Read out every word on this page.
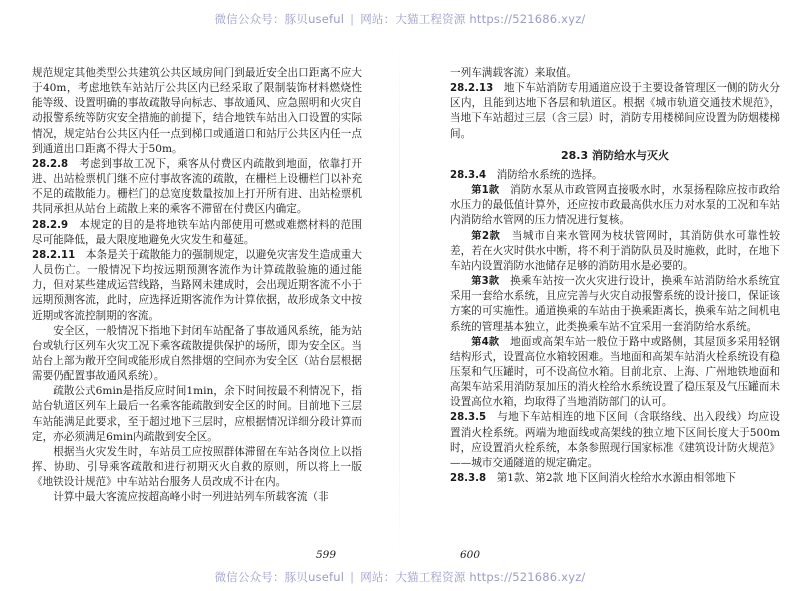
微信公众号：豚贝useful | 网站：大猫工程资源 https://521686.xyz/

规范规定其他类型公共建筑公共区域房间门到最近安全出口距离不应大于40m，考虑地铁车站站厅公共区内已经采取了限制装饰材料燃烧性能等级、设置明确的事故疏散导向标志、事故通风、应急照明和火灾自动报警系统等防灾安全措施的前提下，结合地铁车站出入口设置的实际情况，规定站台公共区内任一点到梯口或通道口和站厅公共区内任一点到通道出口距离不得大于50m。

28.2.8　 考虑到事故工况下，乘客从付费区内疏散到地面，依靠打开进、出站检票机门继不应付事故客流的疏散，在栅栏上设栅栏门以补充不足的疏散能力。栅栏门的总宽度数量按加上打开所有进、出站检票机共同承担从站台上疏散上来的乘客不滞留在付费区内确定。

28.2.9　 本规定的目的是将地铁车站内部使用可燃或难燃材料的范围尽可能降低，最大限度地避免火灾发生和蔓延。

28.2.11　 本条是关于疏散能力的强制规定，以避免灾害发生造成重大人员伤亡。一般情况下均按远期预测客流作为计算疏散验施的通过能力，但对某些建成运营线路，当路网未建成时，会出现近期客流不小于远期预测客流，此时，应选择近期客流作为计算依据，故形成条文中按近期或客流控制期的客流。

安全区，一般情况下指地下封闭车站配备了事故通风系统，能为站台或轨行区列车火灾工况下乘客疏散提供保护的场所，即为安全区。当站台上部为敞开空间或能形成自然排烟的空间亦为安全区（站台层根据需要仍配置事故通风系统）。

疏散公式6min是指反应时间1min，余下时间按最不利情况下，指站台轨道区列车上最后一名乘客能疏散到安全区的时间。目前地下三层车站能满足此要求，至于超过地下三层时，应根据情况详细分段计算而定，亦必须满足6min内疏散到安全区。

根据当火灾发生时，车站员工应按照群体滞留在车站各岗位上以指挥、协助、引导乘客疏散和进行初期灭火自救的原则，所以将上一版《地铁设计规范》中车站站台服务人员改成不计在内。

计算中最大客流应按超高峰小时一列进站列车所载客流（非

一列车满载客流）来取值。

28.2.13　 地下车站消防专用通道应设于主要设备管理区一侧的防火分区内，且能到达地下各层和轨道区。根据《城市轨道交通技术规范》，当地下车站超过三层（含三层）时，消防专用楼梯间应设置为防烟楼梯间。

28.3 消防给水与灭火

28.3.4　 消防给水系统的选择。

第1款　 消防水泵从市政管网直接吸水时，水泵扬程除应按市政给水压力的最低值计算外，还应按市政最高供水压力对水泵的工况和车站内消防给水管网的压力情况进行复核。

第2款　 当城市自来水管网为枝状管网时，其消防供水可靠性较差，若在火灾时供水中断，将不利于消防队员及时施救，此时，在地下车站内设置消防水池储存足够的消防用水是必要的。

第3款　 换乘车站按一次火灾进行设计，换乘车站消防给水系统宜采用一套给水系统，且应完善与火灾自动报警系统的设计接口，保证该方案的可实施性。通道换乘的车站由于换乘距离长，换乘车站之间机电系统的管理基本独立，此类换乘车站不宜采用一套消防给水系统。

第4款　 地面或高架车站一般位于路中或路侧，其屋顶多采用轻钢结构形式，设置高位水箱较困难。当地面和高架车站消火栓系统设有稳压泵和气压罐时，可不设高位水箱。目前北京、上海、广州地铁地面和高架车站采用消防泵加压的消火栓给水系统设置了稳压泵及气压罐而未设置高位水箱，均取得了当地消防部门的认可。

28.3.5　 与地下车站相连的地下区间（含联络线、出入段线）均应设置消火栓系统。两端为地面线或高架线的独立地下区间长度大于500m时，应设置消火栓系统，本条参照现行国家标准《建筑设计防火规范》——城市交通隧道的规定确定。

28.3.8　 第1款、第2款 地下区间消火栓给水水源由相邻地下

599	600
微信公众号：豚贝useful | 网站：大猫工程资源 https://521686.xyz/
